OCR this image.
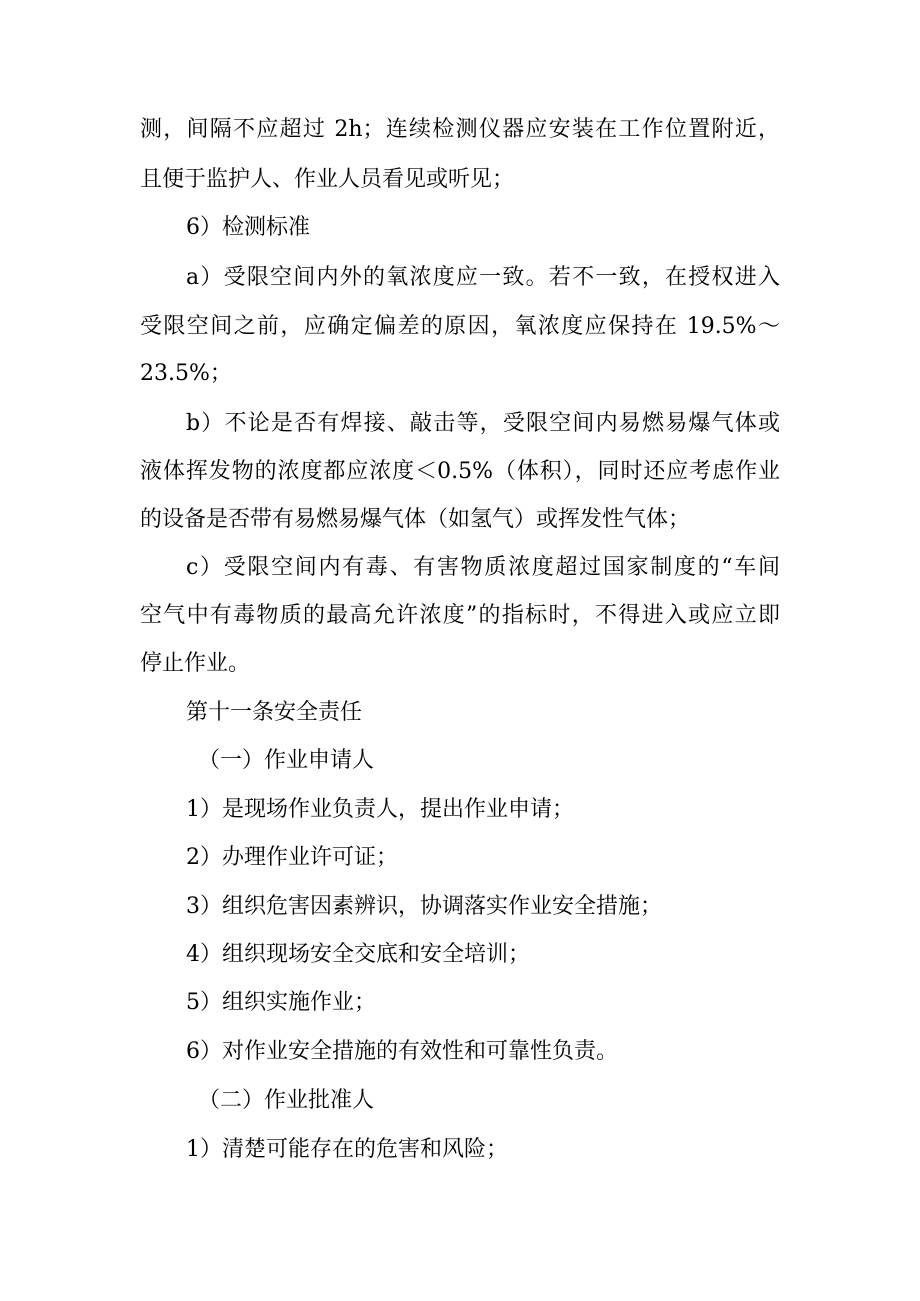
测，间隔不应超过 2h；连续检测仪器应安装在工作位置附近，
且便于监护人、作业人员看见或听见；
6）检测标准
a）受限空间内外的氧浓度应一致。若不一致，在授权进入
受限空间之前，应确定偏差的原因，氧浓度应保持在 19.5%～
23.5%；
b）不论是否有焊接、敲击等，受限空间内易燃易爆气体或
液体挥发物的浓度都应浓度＜0.5%（体积），同时还应考虑作业
的设备是否带有易燃易爆气体（如氢气）或挥发性气体；
c）受限空间内有毒、有害物质浓度超过国家制度的“车间
空气中有毒物质的最高允许浓度”的指标时，不得进入或应立即
停止作业。
第十一条安全责任
（一）作业申请人
1）是现场作业负责人，提出作业申请；
2）办理作业许可证；
3）组织危害因素辨识，协调落实作业安全措施；
4）组织现场安全交底和安全培训；
5）组织实施作业；
6）对作业安全措施的有效性和可靠性负责。
（二）作业批准人
1）清楚可能存在的危害和风险；
